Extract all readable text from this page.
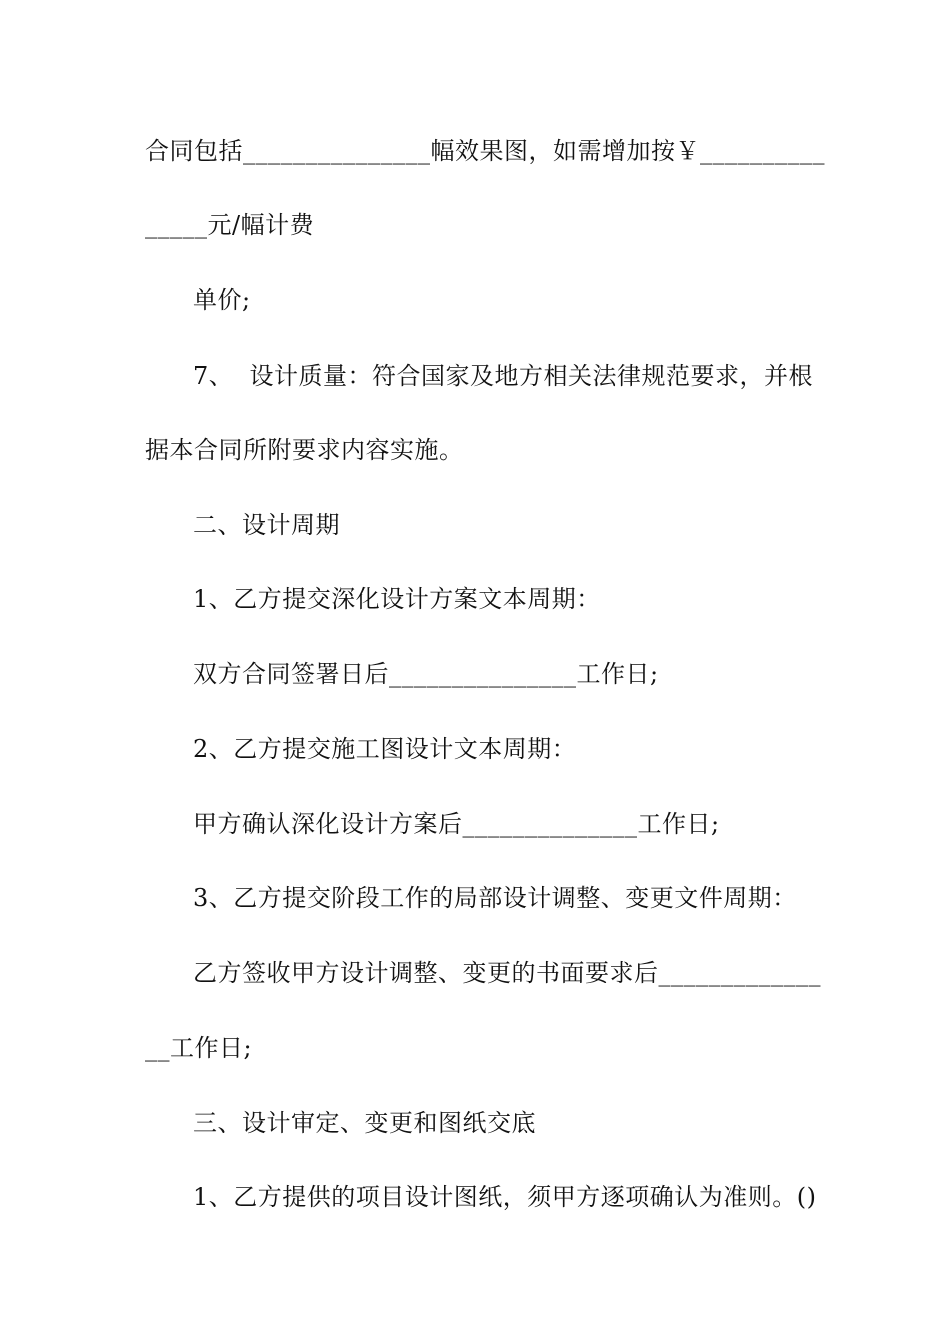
合同包括_______________幅效果图，如需增加按￥__________
_____元/幅计费
单价;
7、  设计质量：符合国家及地方相关法律规范要求，并根
据本合同所附要求内容实施。
二、设计周期
1、乙方提交深化设计方案文本周期：
双方合同签署日后_______________工作日;
2、乙方提交施工图设计文本周期：
甲方确认深化设计方案后______________工作日;
3、乙方提交阶段工作的局部设计调整、变更文件周期：
乙方签收甲方设计调整、变更的书面要求后_____________
__工作日;
三、设计审定、变更和图纸交底
1、乙方提供的项目设计图纸，须甲方逐项确认为准则。()
